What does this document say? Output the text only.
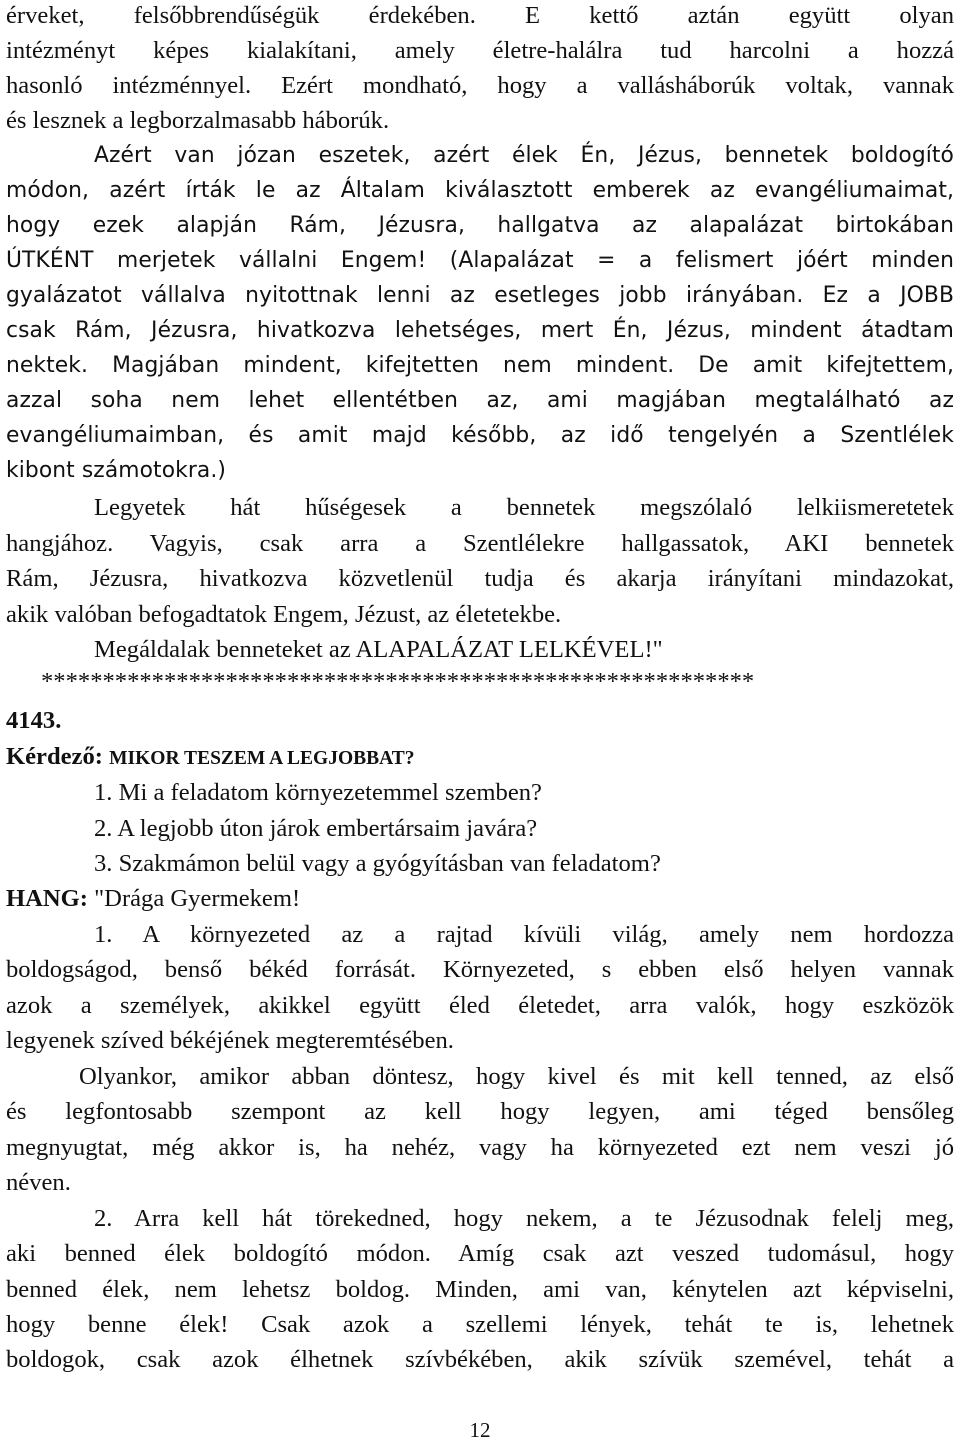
érveket, felsőbbrendűségük érdekében. E kettő aztán együtt olyan
intézményt képes kialakítani, amely életre-halálra tud harcolni a hozzá
hasonló intézménnyel. Ezért mondható, hogy a vallásháborúk voltak, vannak
és lesznek a legborzalmasabb háborúk.
Azért van józan eszetek, azért élek Én, Jézus, bennetek boldogító
módon, azért írták le az Általam kiválasztott emberek az evangéliumaimat,
hogy ezek alapján Rám, Jézusra, hallgatva az alapalázat birtokában
ÚTKÉNT merjetek vállalni Engem! (Alapalázat = a felismert jóért minden
gyalázatot vállalva nyitottnak lenni az esetleges jobb irányában. Ez a JOBB
csak Rám, Jézusra, hivatkozva lehetséges, mert Én, Jézus, mindent átadtam
nektek. Magjában mindent, kifejtetten nem mindent. De amit kifejtettem,
azzal soha nem lehet ellentétben az, ami magjában megtalálható az
evangéliumaimban, és amit majd később, az idő tengelyén a Szentlélek
kibont számotokra.)
Legyetek hát hűségesek a bennetek megszólaló lelkiismeretetek
hangjához. Vagyis, csak arra a Szentlélekre hallgassatok, AKI bennetek
Rám, Jézusra, hivatkozva közvetlenül tudja és akarja irányítani mindazokat,
akik valóban befogadtatok Engem, Jézust, az életetekbe.
Megáldalak benneteket az ALAPALÁZAT LELKÉVEL!"
**********************************************************
4143.
Kérdező: MIKOR TESZEM A LEGJOBBAT?
1. Mi a feladatom környezetemmel szemben?
2. A legjobb úton járok embertársaim javára?
3. Szakmámon belül vagy a gyógyításban van feladatom?
HANG: "Drága Gyermekem!
1. A környezeted az a rajtad kívüli világ, amely nem hordozza
boldogságod, benső békéd forrását. Környezeted, s ebben első helyen vannak
azok a személyek, akikkel együtt éled életedet, arra valók, hogy eszközök
legyenek szíved békéjének megteremtésében.
Olyankor, amikor abban döntesz, hogy kivel és mit kell tenned, az első
és legfontosabb szempont az kell hogy legyen, ami téged bensőleg
megnyugtat, még akkor is, ha nehéz, vagy ha környezeted ezt nem veszi jó
néven.
2. Arra kell hát törekedned, hogy nekem, a te Jézusodnak felelj meg,
aki benned élek boldogító módon. Amíg csak azt veszed tudomásul, hogy
benned élek, nem lehetsz boldog. Minden, ami van, kénytelen azt képviselni,
hogy benne élek! Csak azok a szellemi lények, tehát te is, lehetnek
boldogok, csak azok élhetnek szívbékében, akik szívük szemével, tehát a
12
